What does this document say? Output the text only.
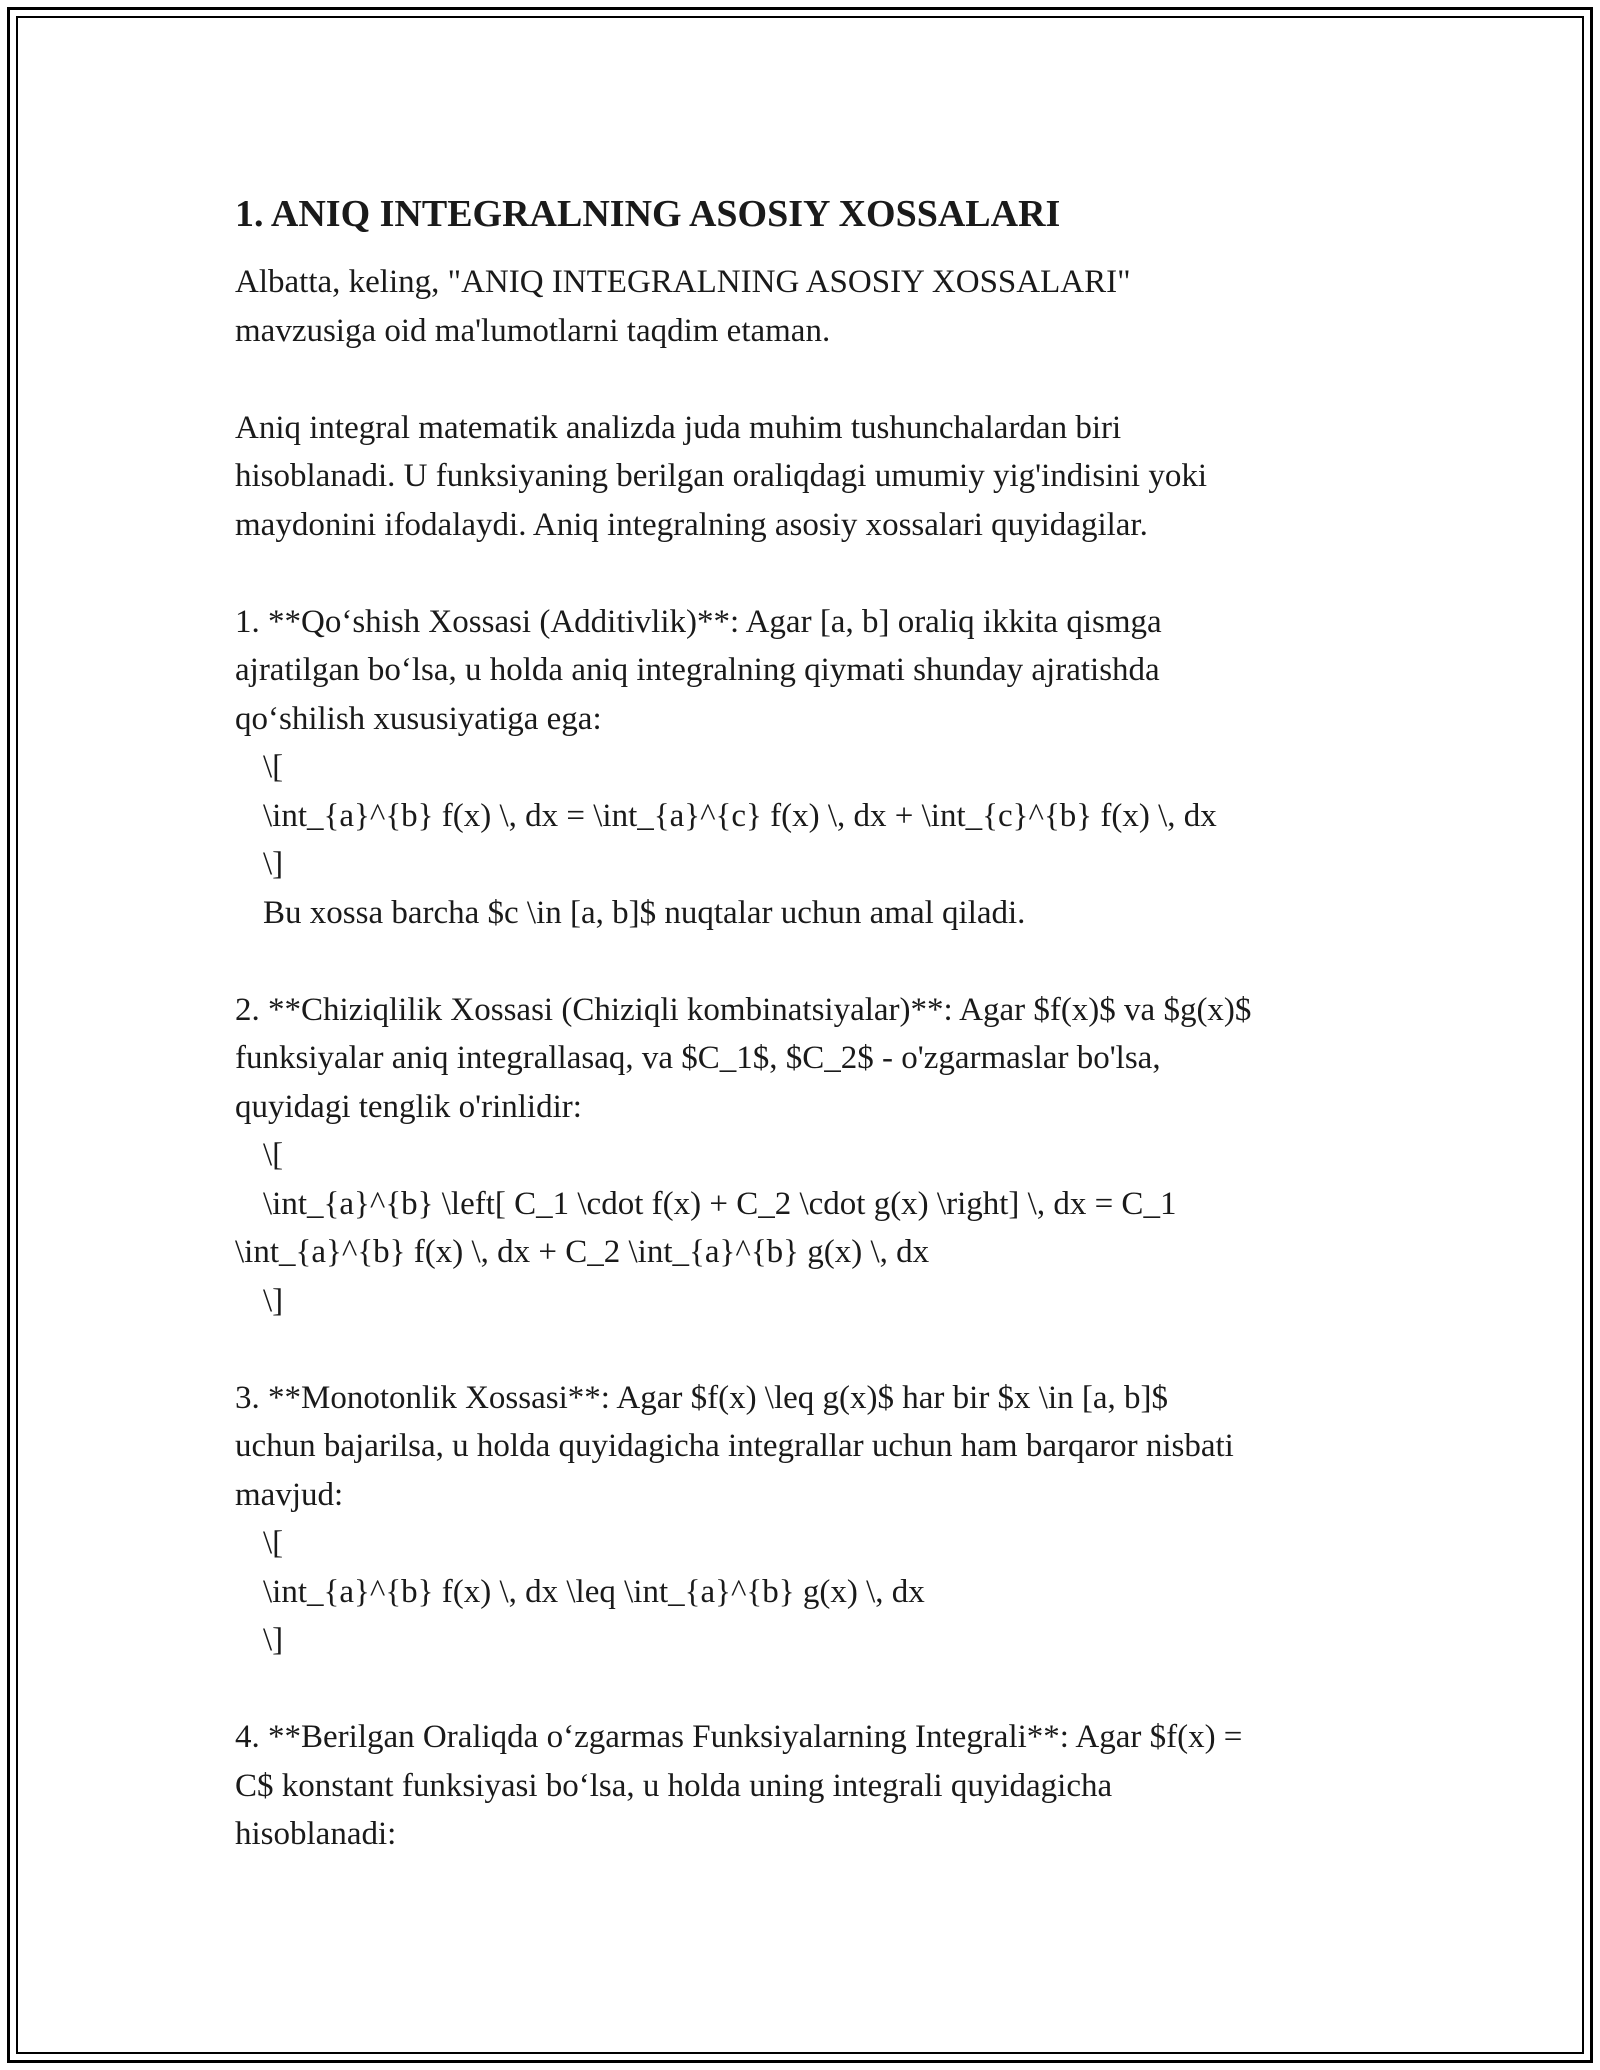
1. ANIQ INTEGRALNING ASOSIY XOSSALARI

Albatta, keling, "ANIQ INTEGRALNING ASOSIY XOSSALARI"

mavzusiga oid ma'lumotlarni taqdim etaman.

Aniq integral matematik analizda juda muhim tushunchalardan biri

hisoblanadi. U funksiyaning berilgan oraliqdagi umumiy yig'indisini yoki

maydonini ifodalaydi. Aniq integralning asosiy xossalari quyidagilar.

1. **Qo‘shish Xossasi (Additivlik)**: Agar [a, b] oraliq ikkita qismga

ajratilgan bo‘lsa, u holda aniq integralning qiymati shunday ajratishda

qo‘shilish xususiyatiga ega:

\[

\int_{a}^{b} f(x) \, dx = \int_{a}^{c} f(x) \, dx + \int_{c}^{b} f(x) \, dx

\]

Bu xossa barcha $c \in [a, b]$ nuqtalar uchun amal qiladi.

2. **Chiziqlilik Xossasi (Chiziqli kombinatsiyalar)**: Agar $f(x)$ va $g(x)$

funksiyalar aniq integrallasaq, va $C_1$, $C_2$ - o'zgarmaslar bo'lsa,

quyidagi tenglik o'rinlidir:

\[

\int_{a}^{b} \left[ C_1 \cdot f(x) + C_2 \cdot g(x) \right] \, dx = C_1

\int_{a}^{b} f(x) \, dx + C_2 \int_{a}^{b} g(x) \, dx

\]

3. **Monotonlik Xossasi**: Agar $f(x) \leq g(x)$ har bir $x \in [a, b]$

uchun bajarilsa, u holda quyidagicha integrallar uchun ham barqaror nisbati

mavjud:

\[

\int_{a}^{b} f(x) \, dx \leq \int_{a}^{b} g(x) \, dx

\]

4. **Berilgan Oraliqda o‘zgarmas Funksiyalarning Integrali**: Agar $f(x) =

C$ konstant funksiyasi bo‘lsa, u holda uning integrali quyidagicha

hisoblanadi:
